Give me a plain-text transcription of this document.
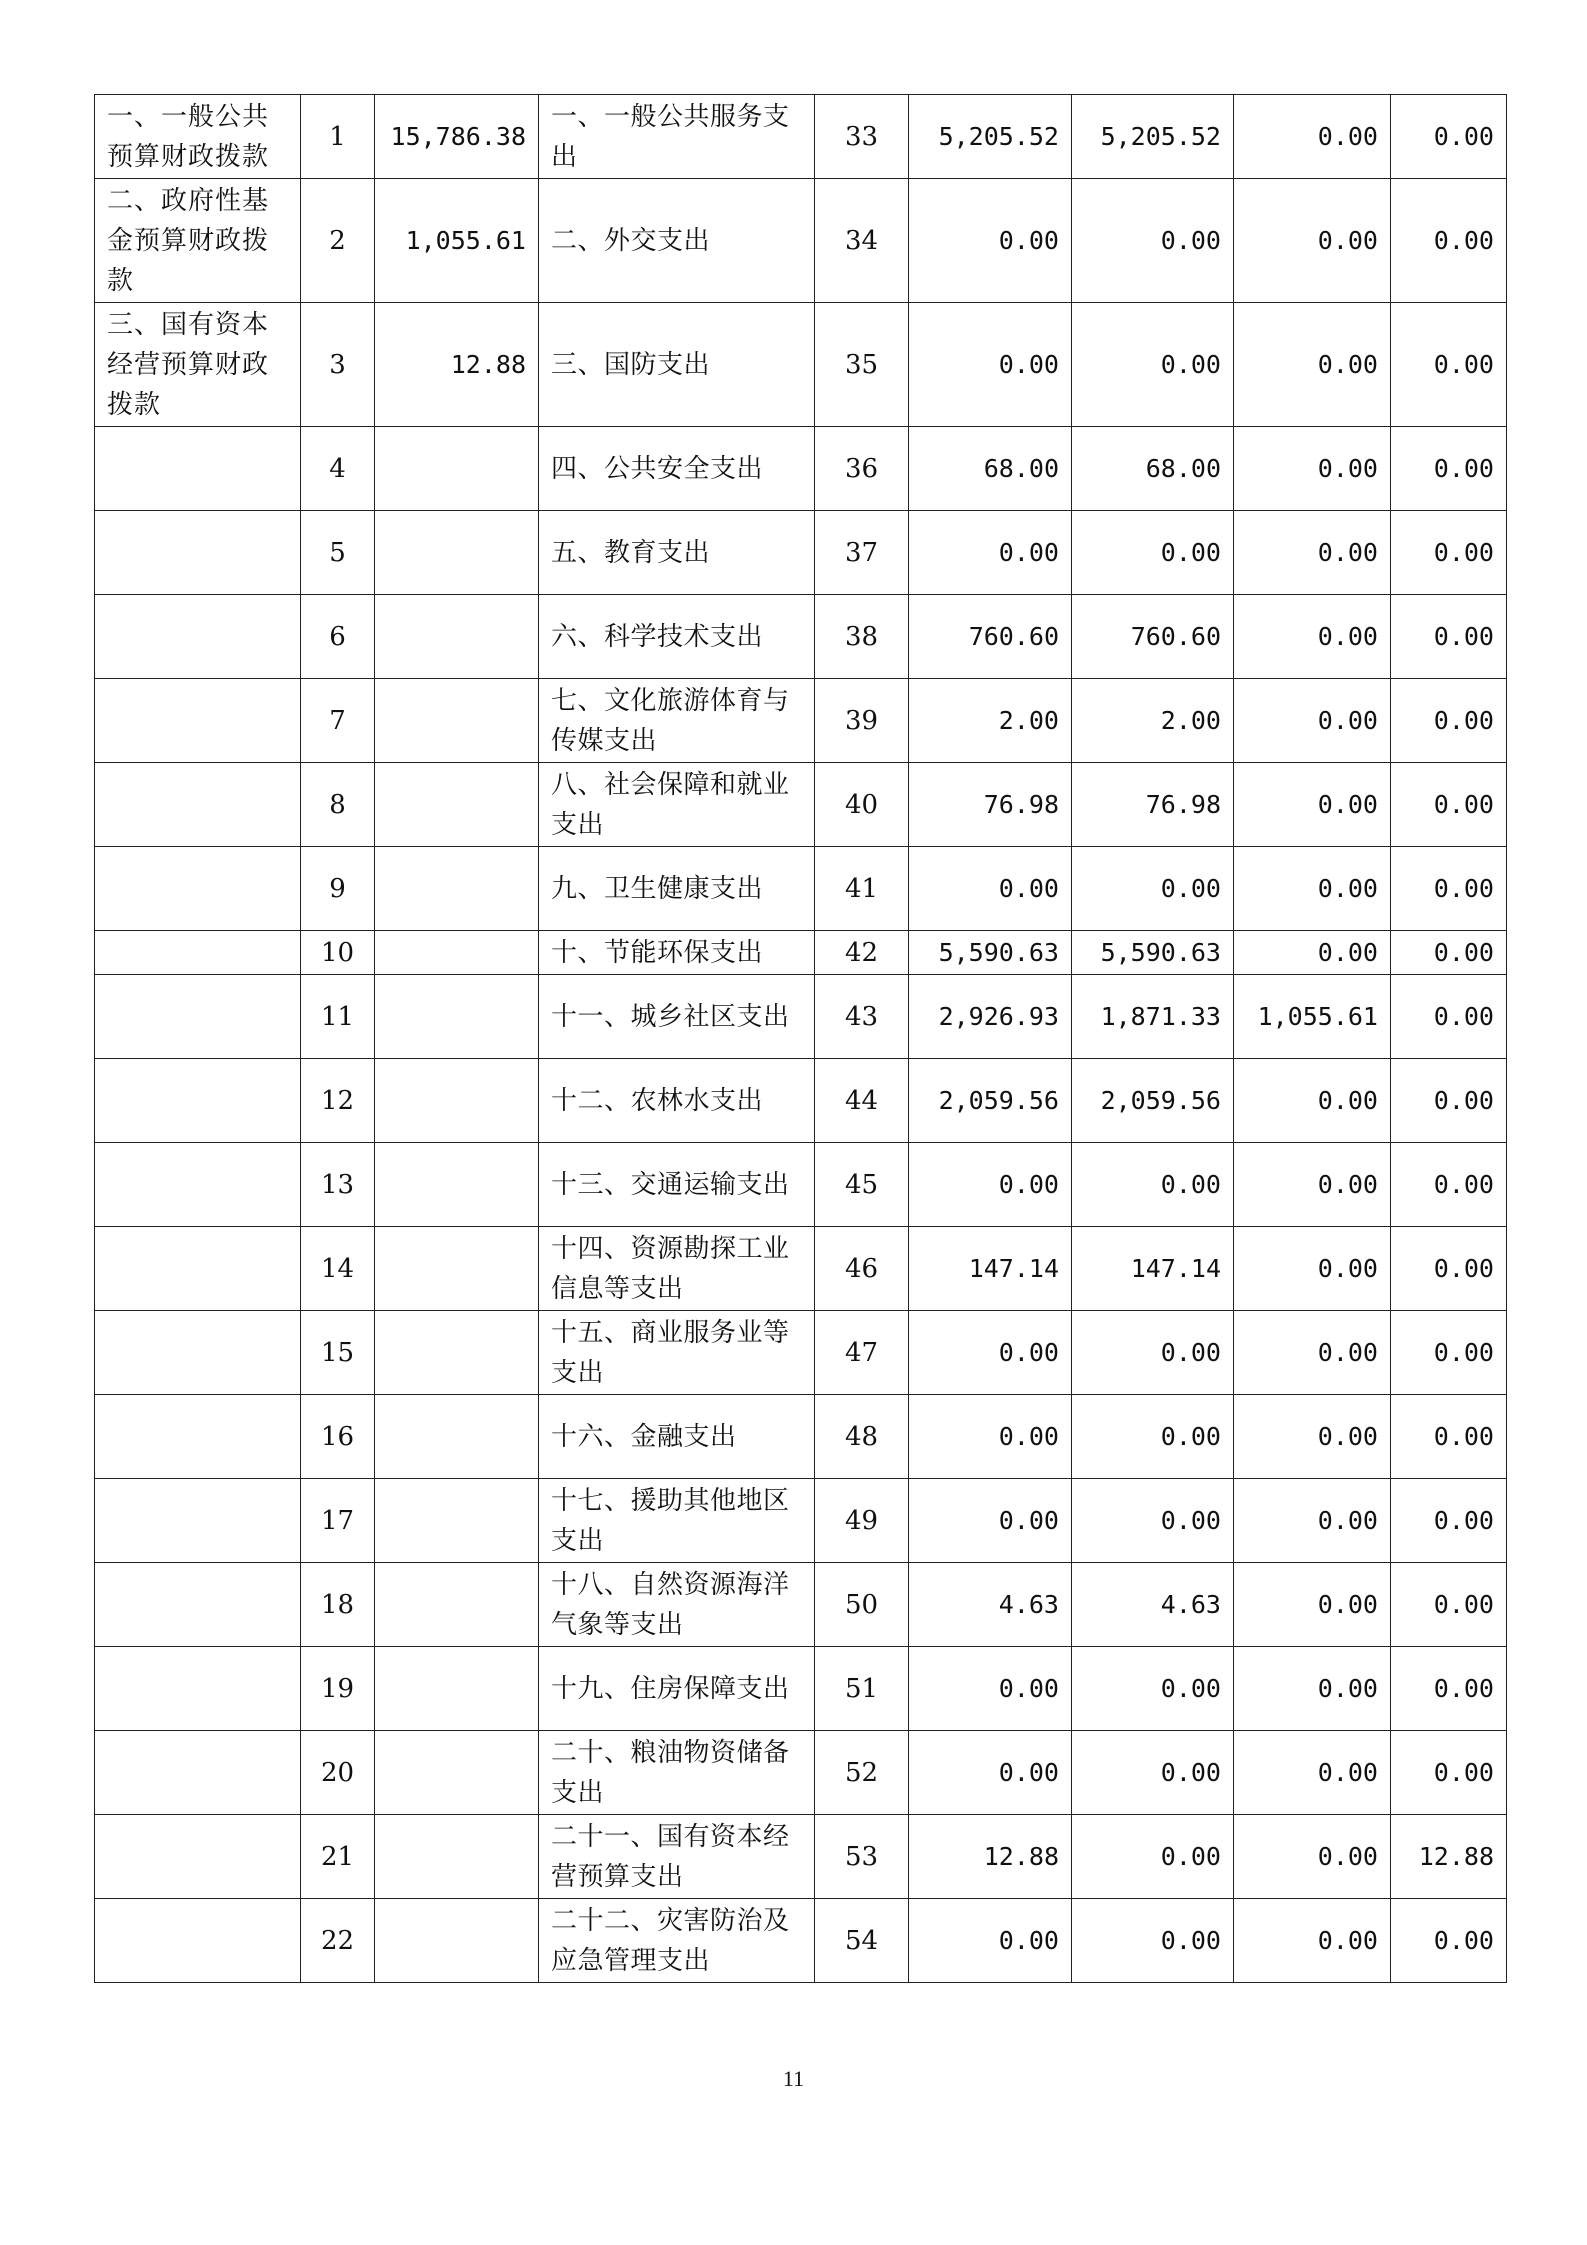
一、一般公共预算财政拨款	1	15,786.38	一、一般公共服务支出	33	5,205.52	5,205.52	0.00	0.00
二、政府性基金预算财政拨款	2	1,055.61	二、外交支出	34	0.00	0.00	0.00	0.00
三、国有资本经营预算财政拨款	3	12.88	三、国防支出	35	0.00	0.00	0.00	0.00
	4		四、公共安全支出	36	68.00	68.00	0.00	0.00
	5		五、教育支出	37	0.00	0.00	0.00	0.00
	6		六、科学技术支出	38	760.60	760.60	0.00	0.00
	7		七、文化旅游体育与传媒支出	39	2.00	2.00	0.00	0.00
	8		八、社会保障和就业支出	40	76.98	76.98	0.00	0.00
	9		九、卫生健康支出	41	0.00	0.00	0.00	0.00
	10		十、节能环保支出	42	5,590.63	5,590.63	0.00	0.00
	11		十一、城乡社区支出	43	2,926.93	1,871.33	1,055.61	0.00
	12		十二、农林水支出	44	2,059.56	2,059.56	0.00	0.00
	13		十三、交通运输支出	45	0.00	0.00	0.00	0.00
	14		十四、资源勘探工业信息等支出	46	147.14	147.14	0.00	0.00
	15		十五、商业服务业等支出	47	0.00	0.00	0.00	0.00
	16		十六、金融支出	48	0.00	0.00	0.00	0.00
	17		十七、援助其他地区支出	49	0.00	0.00	0.00	0.00
	18		十八、自然资源海洋气象等支出	50	4.63	4.63	0.00	0.00
	19		十九、住房保障支出	51	0.00	0.00	0.00	0.00
	20		二十、粮油物资储备支出	52	0.00	0.00	0.00	0.00
	21		二十一、国有资本经营预算支出	53	12.88	0.00	0.00	12.88
	22		二十二、灾害防治及应急管理支出	54	0.00	0.00	0.00	0.00
11
